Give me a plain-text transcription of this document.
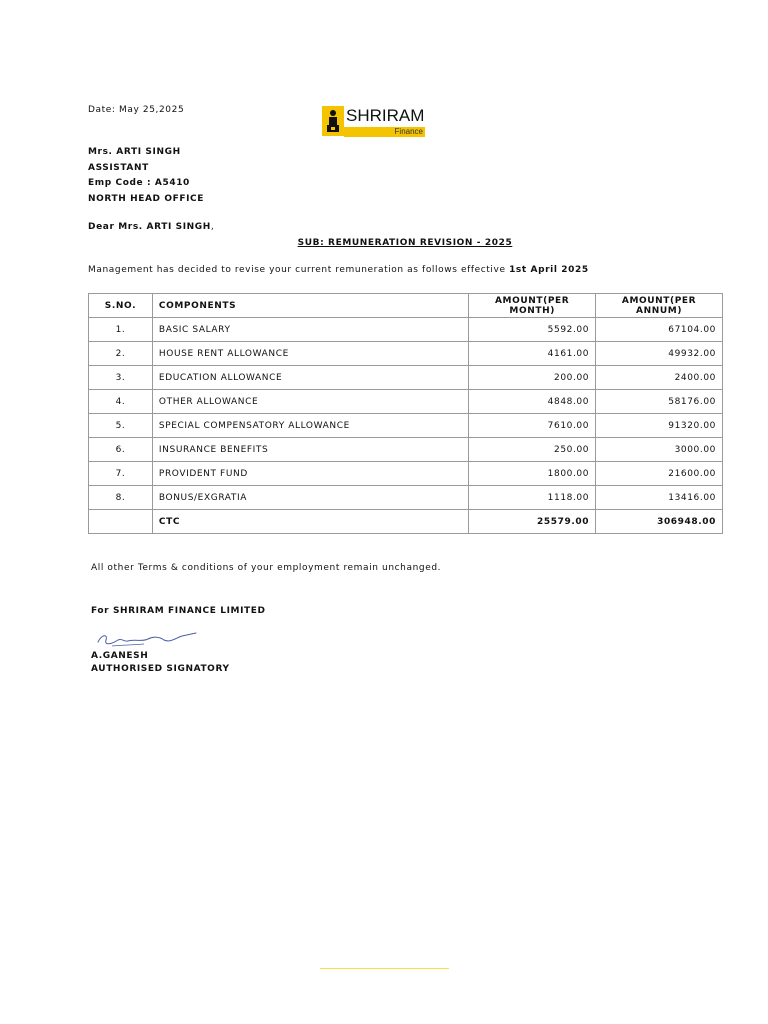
Date: May 25,2025	SHRIRAM
Finance
Mrs. ARTI SINGH
ASSISTANT
Emp Code : A5410
NORTH HEAD OFFICE
Dear Mrs. ARTI SINGH,
SUB: REMUNERATION REVISION - 2025
Management has decided to revise your current remuneration as follows effective 1st April 2025
S.NO.	COMPONENTS	AMOUNT(PER MONTH)	AMOUNT(PER ANNUM)
1.	BASIC SALARY	5592.00	67104.00
2.	HOUSE RENT ALLOWANCE	4161.00	49932.00
3.	EDUCATION ALLOWANCE	200.00	2400.00
4.	OTHER ALLOWANCE	4848.00	58176.00
5.	SPECIAL COMPENSATORY ALLOWANCE	7610.00	91320.00
6.	INSURANCE BENEFITS	250.00	3000.00
7.	PROVIDENT FUND	1800.00	21600.00
8.	BONUS/EXGRATIA	1118.00	13416.00
	CTC	25579.00	306948.00
All other Terms & conditions of your employment remain unchanged.
For SHRIRAM FINANCE LIMITED
A.GANESH
AUTHORISED SIGNATORY
